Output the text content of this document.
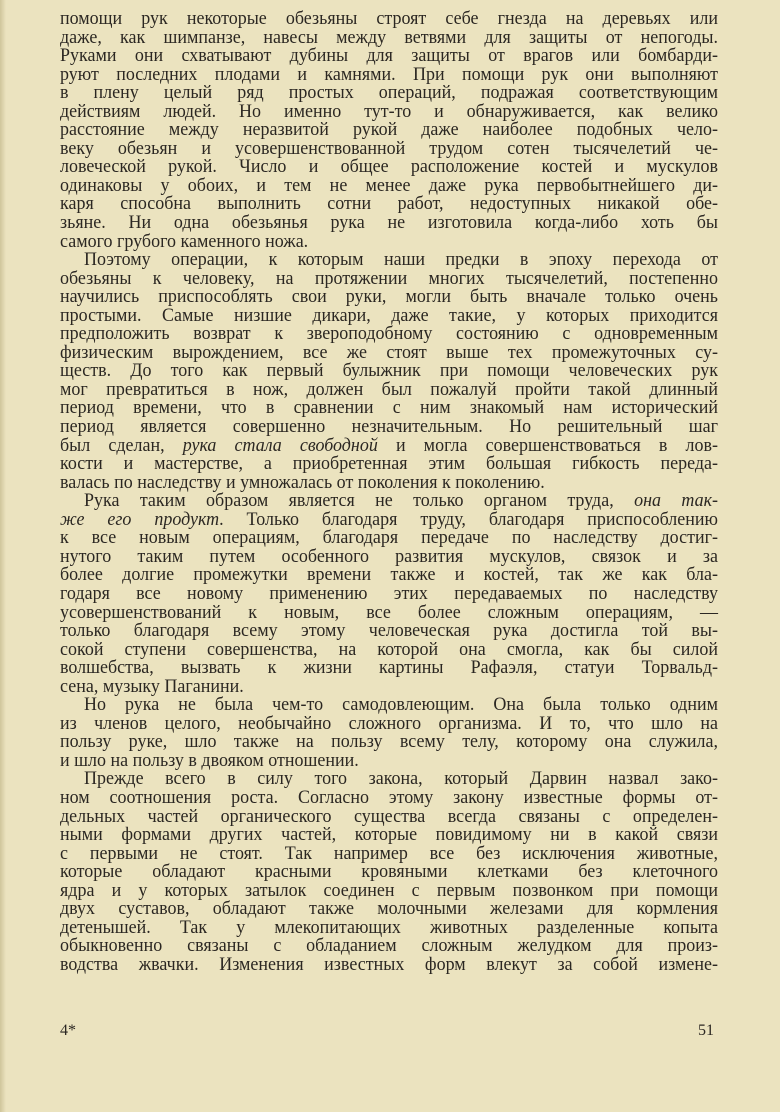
помощи рук некоторые обезьяны строят себе гнезда на деревьях или
даже, как шимпанзе, навесы между ветвями для защиты от непогоды.
Руками они схватывают дубины для защиты от врагов или бомбарди-
руют последних плодами и камнями. При помощи рук они выполняют
в плену целый ряд простых операций, подражая соответствующим
действиям людей. Но именно тут-то и обнаруживается, как велико
расстояние между неразвитой рукой даже наиболее подобных чело-
веку обезьян и усовершенствованной трудом сотен тысячелетий че-
ловеческой рукой. Число и общее расположение костей и мускулов
одинаковы у обоих, и тем не менее даже рука первобытнейшего ди-
каря способна выполнить сотни работ, недоступных никакой обе-
зьяне. Ни одна обезьянья рука не изготовила когда-либо хоть бы
самого грубого каменного ножа.
Поэтому операции, к которым наши предки в эпоху перехода от
обезьяны к человеку, на протяжении многих тысячелетий, постепенно
научились приспособлять свои руки, могли быть вначале только очень
простыми. Самые низшие дикари, даже такие, у которых приходится
предположить возврат к звероподобному состоянию с одновременным
физическим вырождением, все же стоят выше тех промежуточных су-
ществ. До того как первый булыжник при помощи человеческих рук
мог превратиться в нож, должен был пожалуй пройти такой длинный
период времени, что в сравнении с ним знакомый нам исторический
период является совершенно незначительным. Но решительный шаг
был сделан, рука стала свободной и могла совершенствоваться в лов-
кости и мастерстве, а приобретенная этим большая гибкость переда-
валась по наследству и умножалась от поколения к поколению.
Рука таким образом является не только органом труда, она так-
же его продукт. Только благодаря труду, благодаря приспособлению
к все новым операциям, благодаря передаче по наследству достиг-
нутого таким путем особенного развития мускулов, связок и за
более долгие промежутки времени также и костей, так же как бла-
годаря все новому применению этих передаваемых по наследству
усовершенствований к новым, все более сложным операциям, —
только благодаря всему этому человеческая рука достигла той вы-
сокой ступени совершенства, на которой она смогла, как бы силой
волшебства, вызвать к жизни картины Рафаэля, статуи Торвальд-
сена, музыку Паганини.
Но рука не была чем-то самодовлеющим. Она была только одним
из членов целого, необычайно сложного организма. И то, что шло на
пользу руке, шло также на пользу всему телу, которому она служила,
и шло на пользу в двояком отношении.
Прежде всего в силу того закона, который Дарвин назвал зако-
ном соотношения роста. Согласно этому закону известные формы от-
дельных частей органического существа всегда связаны с определен-
ными формами других частей, которые повидимому ни в какой связи
с первыми не стоят. Так например все без исключения животные,
которые обладают красными кровяными клетками без клеточного
ядра и у которых затылок соединен с первым позвонком при помощи
двух суставов, обладают также молочными железами для кормления
детенышей. Так у млекопитающих животных разделенные копыта
обыкновенно связаны с обладанием сложным желудком для произ-
водства жвачки. Изменения известных форм влекут за собой измене-
4*	51
